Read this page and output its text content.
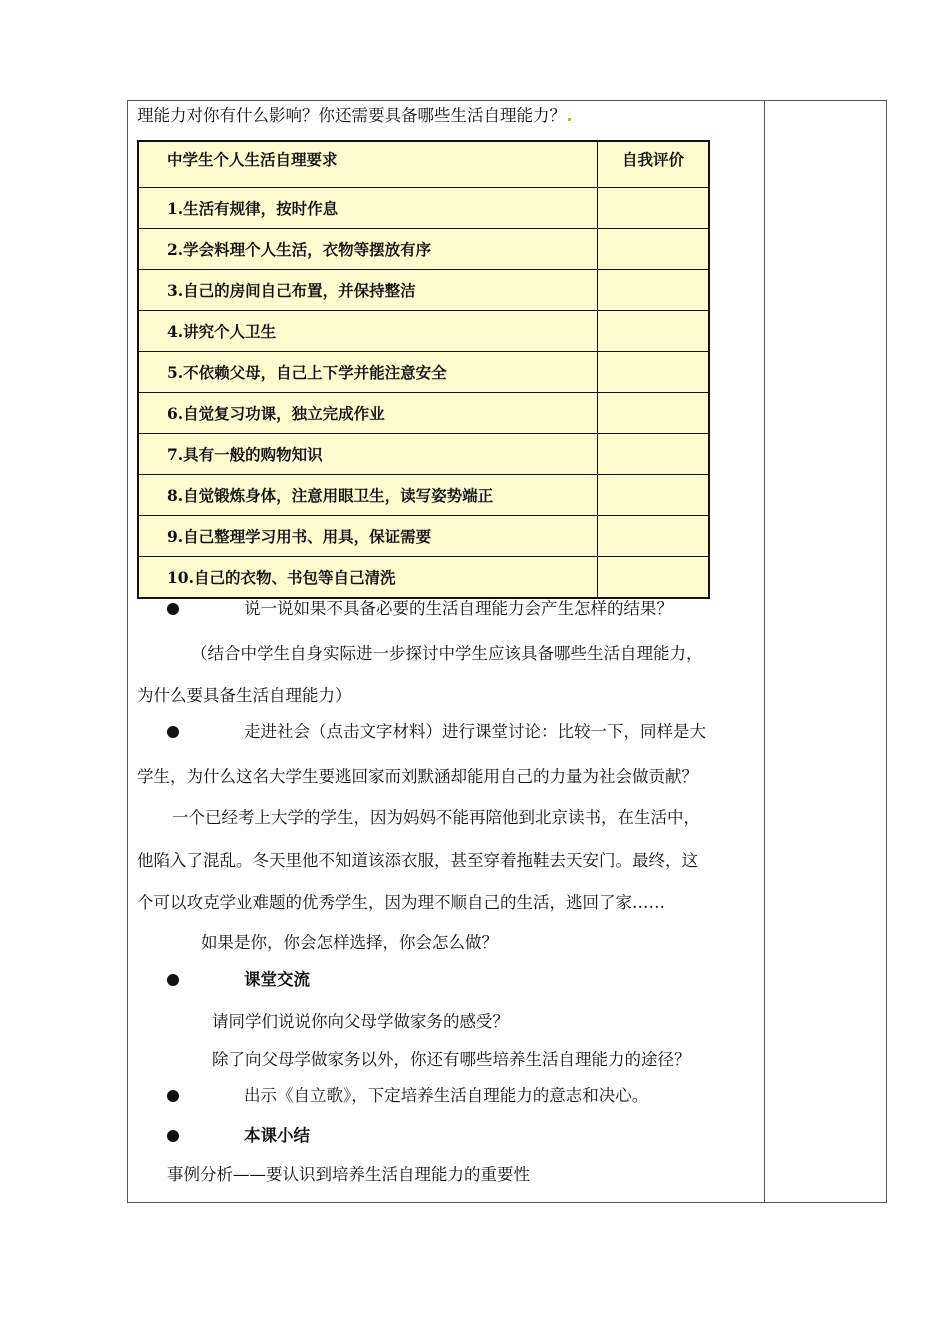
理能力对你有什么影响？你还需要具备哪些生活自理能力？
中学生个人生活自理要求	自我评价
1.生活有规律，按时作息	
2.学会料理个人生活，衣物等摆放有序	
3.自己的房间自己布置，并保持整洁	
4.讲究个人卫生	
5.不依赖父母，自己上下学并能注意安全	
6.自觉复习功课，独立完成作业	
7.具有一般的购物知识	
8.自觉锻炼身体，注意用眼卫生，读写姿势端正	
9.自己整理学习用书、用具，保证需要	
10.自己的衣物、书包等自己清洗	
说一说如果不具备必要的生活自理能力会产生怎样的结果？
（结合中学生自身实际进一步探讨中学生应该具备哪些生活自理能力，
为什么要具备生活自理能力）
走进社会（点击文字材料）进行课堂讨论：比较一下，同样是大
学生，为什么这名大学生要逃回家而刘默涵却能用自己的力量为社会做贡献？
一个已经考上大学的学生，因为妈妈不能再陪他到北京读书，在生活中，
他陷入了混乱。冬天里他不知道该添衣服，甚至穿着拖鞋去天安门。最终，这
个可以攻克学业难题的优秀学生，因为理不顺自己的生活，逃回了家……
如果是你，你会怎样选择，你会怎么做？
课堂交流
请同学们说说你向父母学做家务的感受？
除了向父母学做家务以外，你还有哪些培养生活自理能力的途径？
出示《自立歌》，下定培养生活自理能力的意志和决心。
本课小结
事例分析——要认识到培养生活自理能力的重要性
